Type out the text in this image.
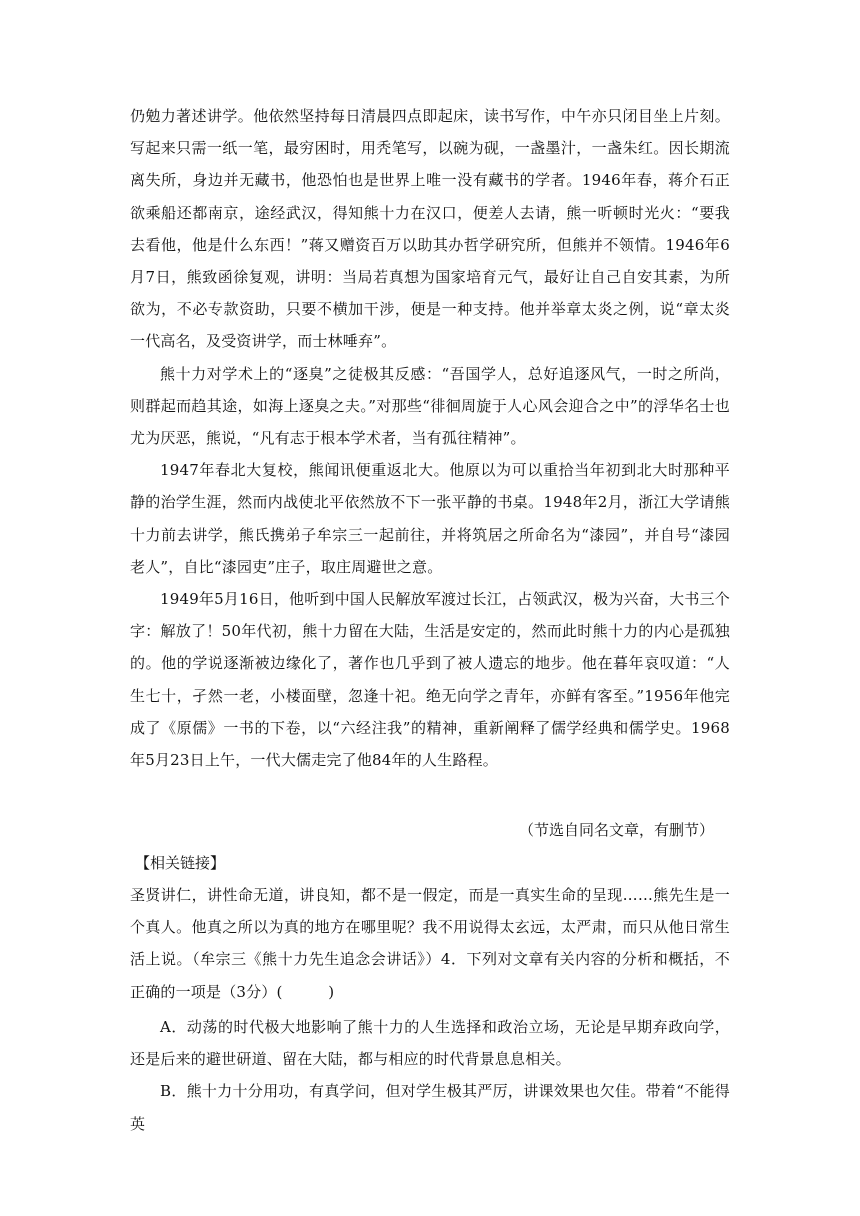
仍勉力著述讲学。他依然坚持每日清晨四点即起床，读书写作，中午亦只闭目坐上片刻。写起来只需一纸一笔，最穷困时，用秃笔写，以碗为砚，一盏墨汁，一盏朱红。因长期流离失所，身边并无藏书，他恐怕也是世界上唯一没有藏书的学者。1946年春，蒋介石正欲乘船还都南京，途经武汉，得知熊十力在汉口，便差人去请，熊一听顿时光火：“要我去看他，他是什么东西！”蒋又赠资百万以助其办哲学研究所，但熊并不领情。1946年6月7日，熊致函徐复观，讲明：当局若真想为国家培育元气，最好让自己自安其素，为所欲为，不必专款资助，只要不横加干涉，便是一种支持。他并举章太炎之例，说“章太炎一代高名，及受资讲学，而士林唾弃”。

熊十力对学术上的“逐臭”之徒极其反感：“吾国学人，总好追逐风气，一时之所尚，则群起而趋其途，如海上逐臭之夫。”对那些“徘徊周旋于人心风会迎合之中”的浮华名士也尤为厌恶，熊说，“凡有志于根本学术者，当有孤往精神”。

1947年春北大复校，熊闻讯便重返北大。他原以为可以重拾当年初到北大时那种平静的治学生涯，然而内战使北平依然放不下一张平静的书桌。1948年2月，浙江大学请熊十力前去讲学，熊氏携弟子牟宗三一起前往，并将筑居之所命名为“漆园”，并自号“漆园老人”，自比“漆园吏”庄子，取庄周避世之意。

1949年5月16日，他听到中国人民解放军渡过长江，占领武汉，极为兴奋，大书三个字：解放了！50年代初，熊十力留在大陆，生活是安定的，然而此时熊十力的内心是孤独的。他的学说逐渐被边缘化了，著作也几乎到了被人遗忘的地步。他在暮年哀叹道：“人生七十，孑然一老，小楼面壁，忽逢十祀。绝无向学之青年，亦鲜有客至。”1956年他完成了《原儒》一书的下卷，以“六经注我”的精神，重新阐释了儒学经典和儒学史。1968年5月23日上午，一代大儒走完了他84年的人生路程。

（节选自同名文章，有删节）
【相关链接】

圣贤讲仁，讲性命无道，讲良知，都不是一假定，而是一真实生命的呈现……熊先生是一个真人。他真之所以为真的地方在哪里呢？我不用说得太玄远，太严肃，而只从他日常生活上说。（牟宗三《熊十力先生追念会讲话》）4．下列对文章有关内容的分析和概括，不正确的一项是（3分）(　　　)

A．动荡的时代极大地影响了熊十力的人生选择和政治立场，无论是早期弃政向学，还是后来的避世研道、留在大陆，都与相应的时代背景息息相关。

B．熊十力十分用功，有真学问，但对学生极其严厉，讲课效果也欠佳。带着“不能得英
